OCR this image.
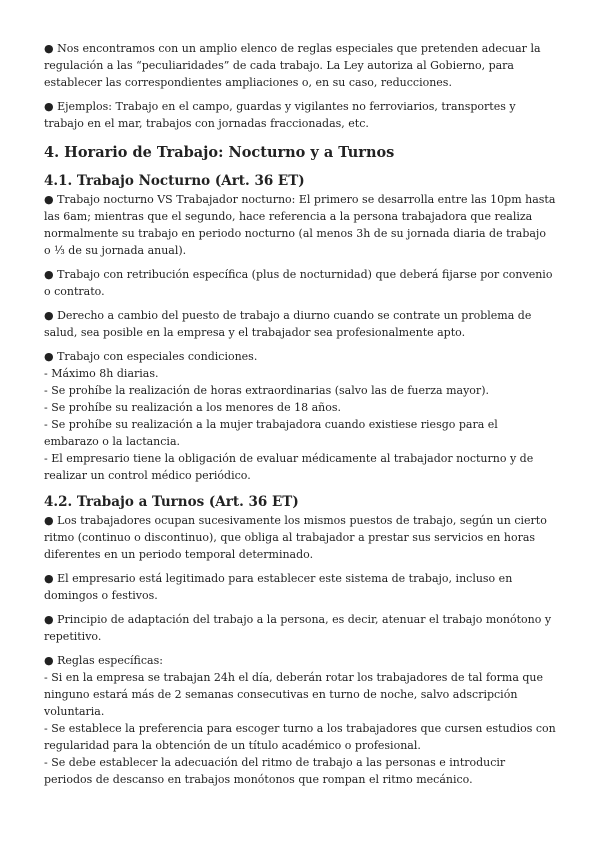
● Nos encontramos con un amplio elenco de reglas especiales que pretenden adecuar la regulación a las “peculiaridades” de cada trabajo. La Ley autoriza al Gobierno, para establecer las correspondientes ampliaciones o, en su caso, reducciones.

● Ejemplos: Trabajo en el campo, guardas y vigilantes no ferroviarios, transportes y trabajo en el mar, trabajos con jornadas fraccionadas, etc.

4. Horario de Trabajo: Nocturno y a Turnos
4.1. Trabajo Nocturno (Art. 36 ET)

● Trabajo nocturno VS Trabajador nocturno: El primero se desarrolla entre las 10pm hasta las 6am; mientras que el segundo, hace referencia a la persona trabajadora que realiza normalmente su trabajo en periodo nocturno (al menos 3h de su jornada diaria de trabajo o ⅓ de su jornada anual).

● Trabajo con retribución específica (plus de nocturnidad) que deberá fijarse por convenio o contrato.

● Derecho a cambio del puesto de trabajo a diurno cuando se contrate un problema de salud, sea posible en la empresa y el trabajador sea profesionalmente apto.

● Trabajo con especiales condiciones.

- Máximo 8h diarias.

- Se prohíbe la realización de horas extraordinarias (salvo las de fuerza mayor).

- Se prohíbe su realización a los menores de 18 años.

- Se prohíbe su realización a la mujer trabajadora cuando existiese riesgo para el embarazo o la lactancia.

- El empresario tiene la obligación de evaluar médicamente al trabajador nocturno y de realizar un control médico periódico.

4.2. Trabajo a Turnos (Art. 36 ET)

● Los trabajadores ocupan sucesivamente los mismos puestos de trabajo, según un cierto ritmo (continuo o discontinuo), que obliga al trabajador a prestar sus servicios en horas diferentes en un periodo temporal determinado.

● El empresario está legitimado para establecer este sistema de trabajo, incluso en domingos o festivos.

● Principio de adaptación del trabajo a la persona, es decir, atenuar el trabajo monótono y repetitivo.

● Reglas específicas:

- Si en la empresa se trabajan 24h el día, deberán rotar los trabajadores de tal forma que ninguno estará más de 2 semanas consecutivas en turno de noche, salvo adscripción voluntaria.

- Se establece la preferencia para escoger turno a los trabajadores que cursen estudios con regularidad para la obtención de un título académico o profesional.

- Se debe establecer la adecuación del ritmo de trabajo a las personas e introducir periodos de descanso en trabajos monótonos que rompan el ritmo mecánico.
